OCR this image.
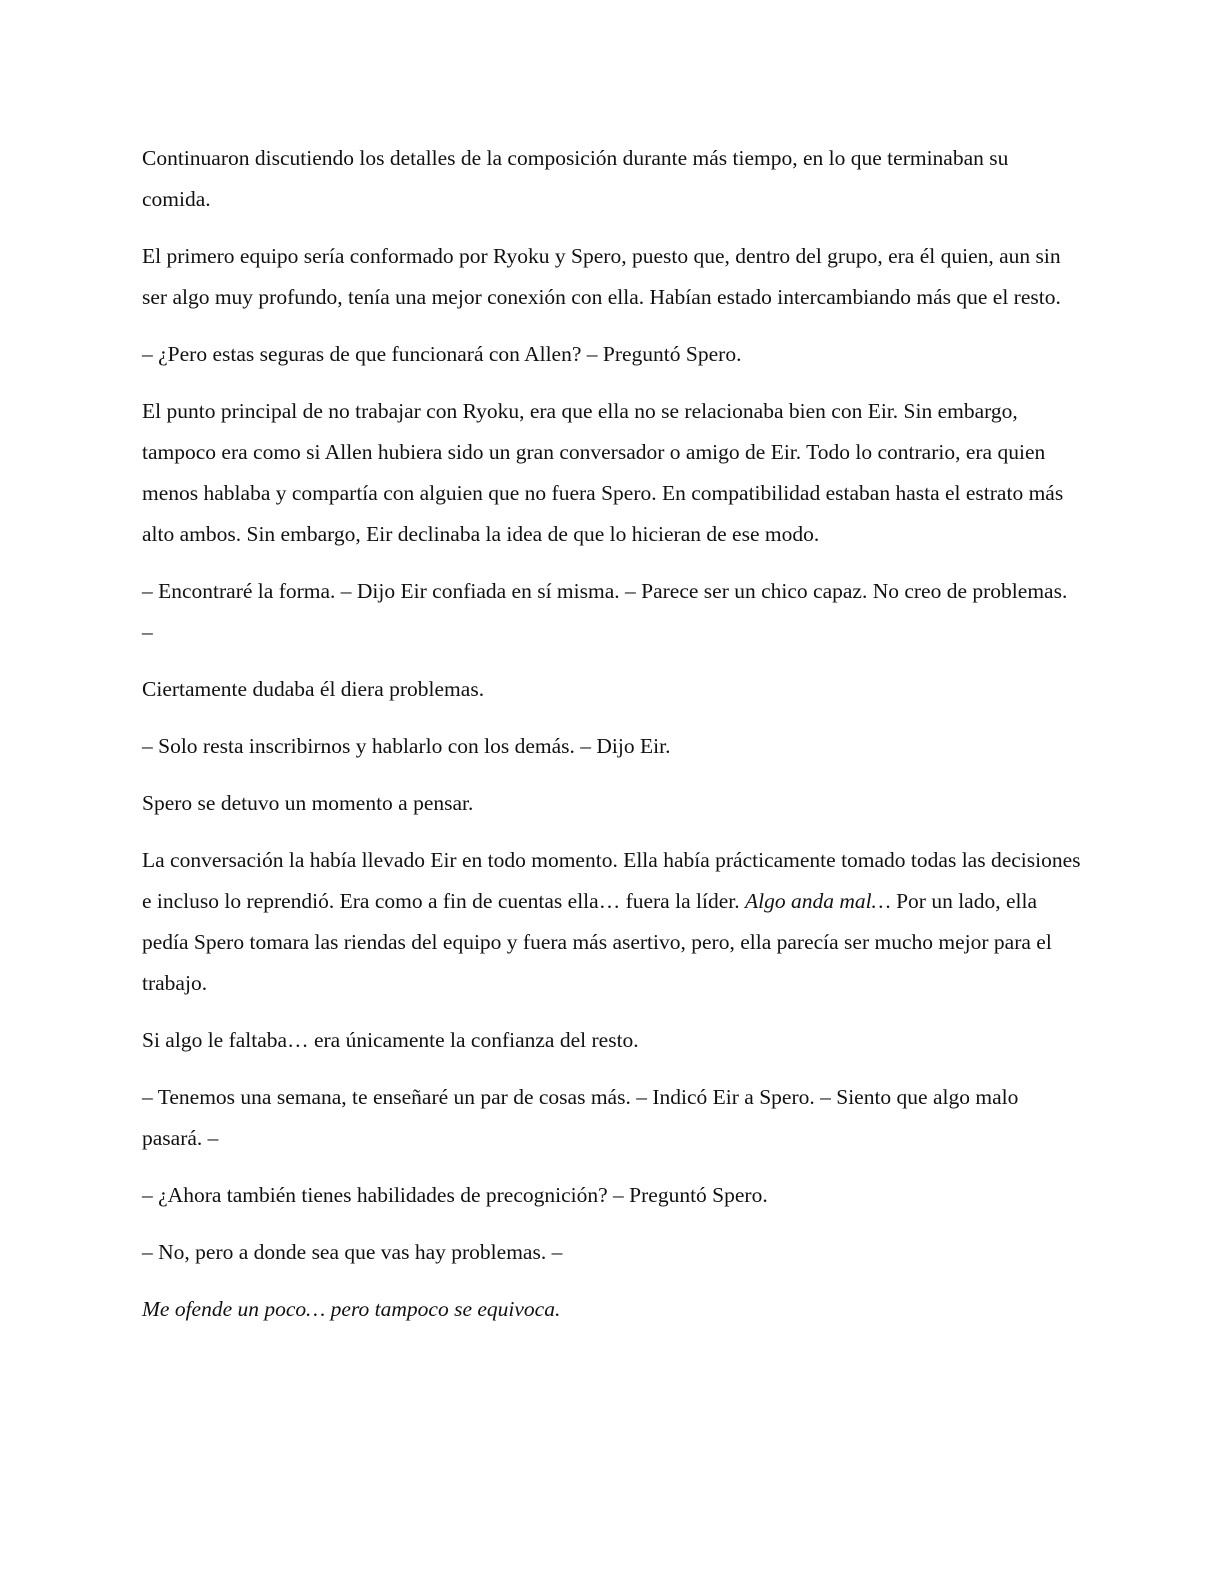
Continuaron discutiendo los detalles de la composición durante más tiempo, en lo que terminaban su comida.

El primero equipo sería conformado por Ryoku y Spero, puesto que, dentro del grupo, era él quien, aun sin ser algo muy profundo, tenía una mejor conexión con ella. Habían estado intercambiando más que el resto.

– ¿Pero estas seguras de que funcionará con Allen? – Preguntó Spero.

El punto principal de no trabajar con Ryoku, era que ella no se relacionaba bien con Eir. Sin embargo, tampoco era como si Allen hubiera sido un gran conversador o amigo de Eir. Todo lo contrario, era quien menos hablaba y compartía con alguien que no fuera Spero. En compatibilidad estaban hasta el estrato más alto ambos. Sin embargo, Eir declinaba la idea de que lo hicieran de ese modo.

– Encontraré la forma. – Dijo Eir confiada en sí misma. – Parece ser un chico capaz. No creo de problemas. –

Ciertamente dudaba él diera problemas.

– Solo resta inscribirnos y hablarlo con los demás. – Dijo Eir.

Spero se detuvo un momento a pensar.

La conversación la había llevado Eir en todo momento. Ella había prácticamente tomado todas las decisiones e incluso lo reprendió. Era como a fin de cuentas ella… fuera la líder. Algo anda mal… Por un lado, ella pedía Spero tomara las riendas del equipo y fuera más asertivo, pero, ella parecía ser mucho mejor para el trabajo.

Si algo le faltaba… era únicamente la confianza del resto.

– Tenemos una semana, te enseñaré un par de cosas más. – Indicó Eir a Spero. – Siento que algo malo pasará. –

– ¿Ahora también tienes habilidades de precognición? – Preguntó Spero.

– No, pero a donde sea que vas hay problemas. –

Me ofende un poco… pero tampoco se equivoca.
